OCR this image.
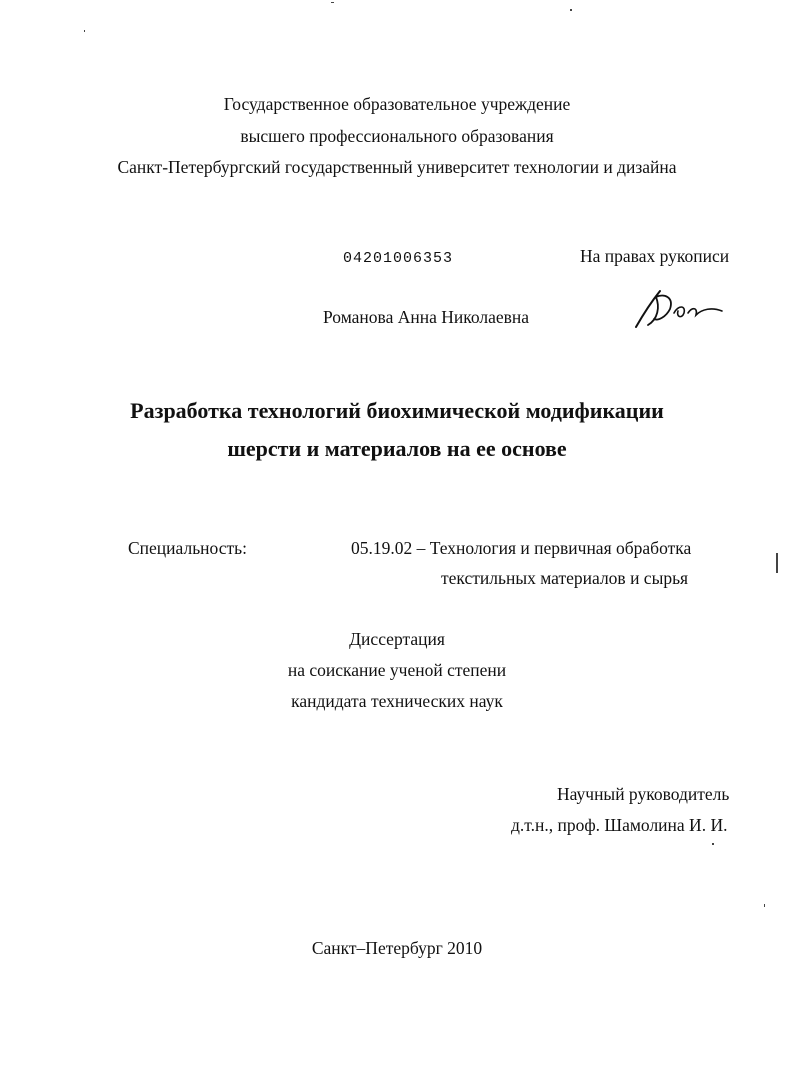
Государственное образовательное учреждение
высшего профессионального образования
Санкт-Петербургский государственный университет технологии и дизайна
04201006353	На правах рукописи
Романова Анна Николаевна
Разработка технологий биохимической модификации
шерсти и материалов на ее основе
Специальность:	05.19.02 – Технология и первичная обработка
текстильных материалов и сырья
Диссертация
на соискание ученой степени
кандидата технических наук
Научный руководитель
д.т.н., проф. Шамолина И. И.
Санкт–Петербург 2010
